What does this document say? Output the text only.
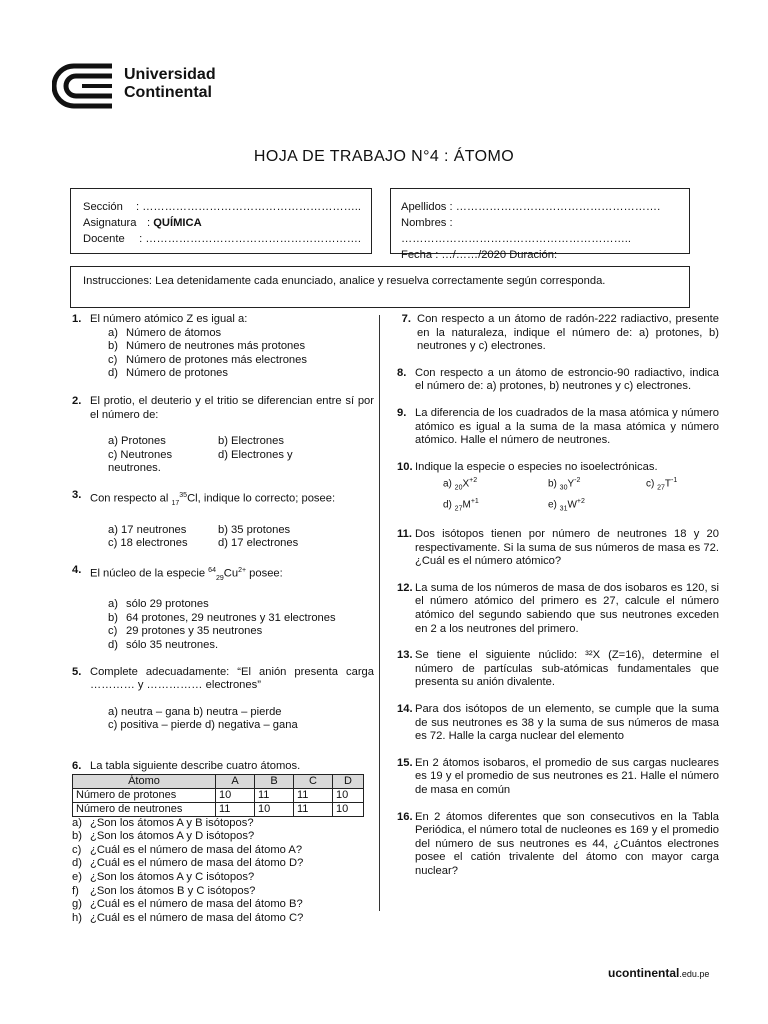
Universidad
Continental
HOJA DE TRABAJO N°4 : ÁTOMO
Sección	: …………………………………………………..
Asignatura : QUÍMICA
Docente	: ………………………………………………….
Apellidos : ……………………………………………….
Nombres : ……………………………………………………..
Fecha : …/……/2020 Duración:
Instrucciones: Lea detenidamente cada enunciado, analice y resuelva correctamente según corresponda.
1. El número atómico Z es igual a:
a) Número de átomos
b) Número de neutrones más protones
c) Número de protones más electrones
d) Número de protones
2. El protio, el deuterio y el tritio se diferencian entre sí por el número de:
a) Protones	b) Electrones
c) Neutrones	d) Electrones y
neutrones.
3. Con respecto al $_{17}^{35}$Cl, indique lo correcto; posee:
a) 17 neutrones	b) 35 protones
c) 18 electrones	d) 17 electrones
4. El núcleo de la especie $^{64}_{29}Cu^{2+}$ posee:
a) sólo 29 protones
b) 64 protones, 29 neutrones y 31 electrones
c) 29 protones y 35 neutrones
d) sólo 35 neutrones.
5. Complete adecuadamente: “El anión presenta carga ………… y …………… electrones”
a) neutra – gana b) neutra – pierde
c) positiva – pierde d) negativa – gana
6. La tabla siguiente describe cuatro átomos.
Átomo	A	B	C	D
Número de protones	10	11	11	10
Número de neutrones	11	10	11	10
a) ¿Son los átomos A y B isótopos?
b) ¿Son los átomos A y D isótopos?
c) ¿Cuál es el número de masa del átomo A?
d) ¿Cuál es el número de masa del átomo D?
e) ¿Son los átomos A y C isótopos?
f) ¿Son los átomos B y C isótopos?
g) ¿Cuál es el número de masa del átomo B?
h) ¿Cuál es el número de masa del átomo C?
7. Con respecto a un átomo de radón-222 radiactivo, presente en la naturaleza, indique el número de: a) protones, b) neutrones y c) electrones.
8. Con respecto a un átomo de estroncio-90 radiactivo, indica el número de: a) protones, b) neutrones y c) electrones.
9. La diferencia de los cuadrados de la masa atómica y número atómico es igual a la suma de la masa atómica y número atómico. Halle el número de neutrones.
10. Indique la especie o especies no isoelectrónicas.
a) $_{20}X^{+2}$	b) $_{30}Y^{-2}$	c) $_{27}T^{-1}$
d) $_{27}M^{+1}$	e) $_{31}W^{+2}$
11. Dos isótopos tienen por número de neutrones 18 y 20 respectivamente. Si la suma de sus números de masa es 72. ¿Cuál es el número atómico?
12. La suma de los números de masa de dos isobaros es 120, si el número atómico del primero es 27, calcule el número atómico del segundo sabiendo que sus neutrones exceden en 2 a los neutrones del primero.
13. Se tiene el siguiente núclido: ³²X (Z=16), determine el número de partículas sub-atómicas fundamentales que presenta su anión divalente.
14. Para dos isótopos de un elemento, se cumple que la suma de sus neutrones es 38 y la suma de sus números de masa es 72. Halle la carga nuclear del elemento
15. En 2 átomos isobaros, el promedio de sus cargas nucleares es 19 y el promedio de sus neutrones es 21. Halle el número de masa en común
16. En 2 átomos diferentes que son consecutivos en la Tabla Periódica, el número total de nucleones es 169 y el promedio del número de sus neutrones es 44, ¿Cuántos electrones posee el catión trivalente del átomo con mayor carga nuclear?
ucontinental.edu.pe
